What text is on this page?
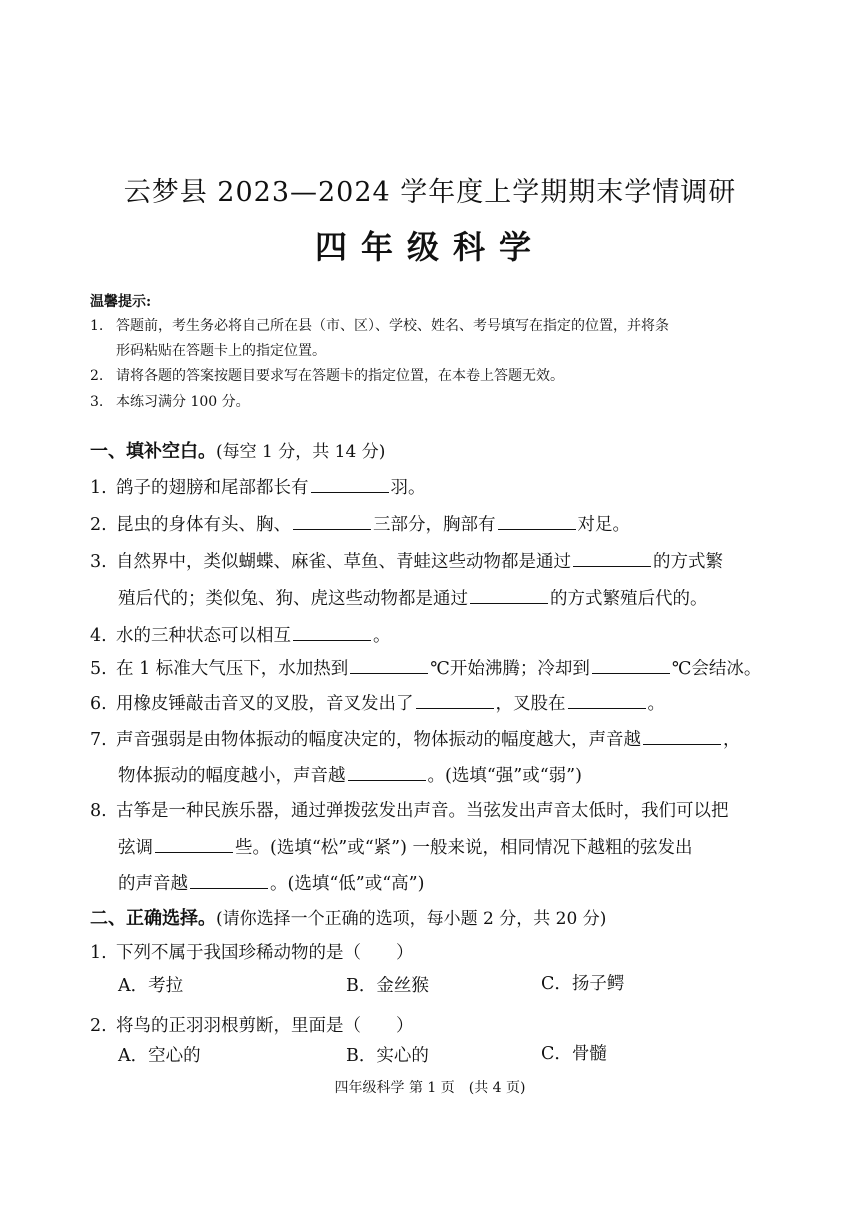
云梦县 2023—2024 学年度上学期期末学情调研
四年级科学
温馨提示:
1. 答题前，考生务必将自己所在县（市、区）、学校、姓名、考号填写在指定的位置，并将条
形码粘贴在答题卡上的指定位置。
2. 请将各题的答案按题目要求写在答题卡的指定位置，在本卷上答题无效。
3. 本练习满分 100 分。
一、填补空白。(每空 1 分，共 14 分)
1. 鸽子的翅膀和尾部都长有	羽。
2. 昆虫的身体有头、胸、	三部分，胸部有	对足。
3. 自然界中，类似蝴蝶、麻雀、草鱼、青蛙这些动物都是通过	的方式繁
殖后代的；类似兔、狗、虎这些动物都是通过	的方式繁殖后代的。
4. 水的三种状态可以相互	。
5. 在 1 标准大气压下，水加热到	℃开始沸腾；冷却到	℃会结冰。
6. 用橡皮锤敲击音叉的叉股，音叉发出了	，叉股在	。
7. 声音强弱是由物体振动的幅度决定的，物体振动的幅度越大，声音越	，
物体振动的幅度越小，声音越	。(选填“强”或“弱”)
8. 古筝是一种民族乐器，通过弹拨弦发出声音。当弦发出声音太低时，我们可以把
弦调	些。(选填“松”或“紧”) 一般来说，相同情况下越粗的弦发出
的声音越	。(选填“低”或“高”)
二、正确选择。(请你选择一个正确的选项，每小题 2 分，共 20 分)
1. 下列不属于我国珍稀动物的是（　　）
A．考拉	B．金丝猴	C．扬子鳄
2. 将鸟的正羽羽根剪断，里面是（　　）
A．空心的	B．实心的	C．骨髓
四年级科学 第 1 页　(共 4 页)
